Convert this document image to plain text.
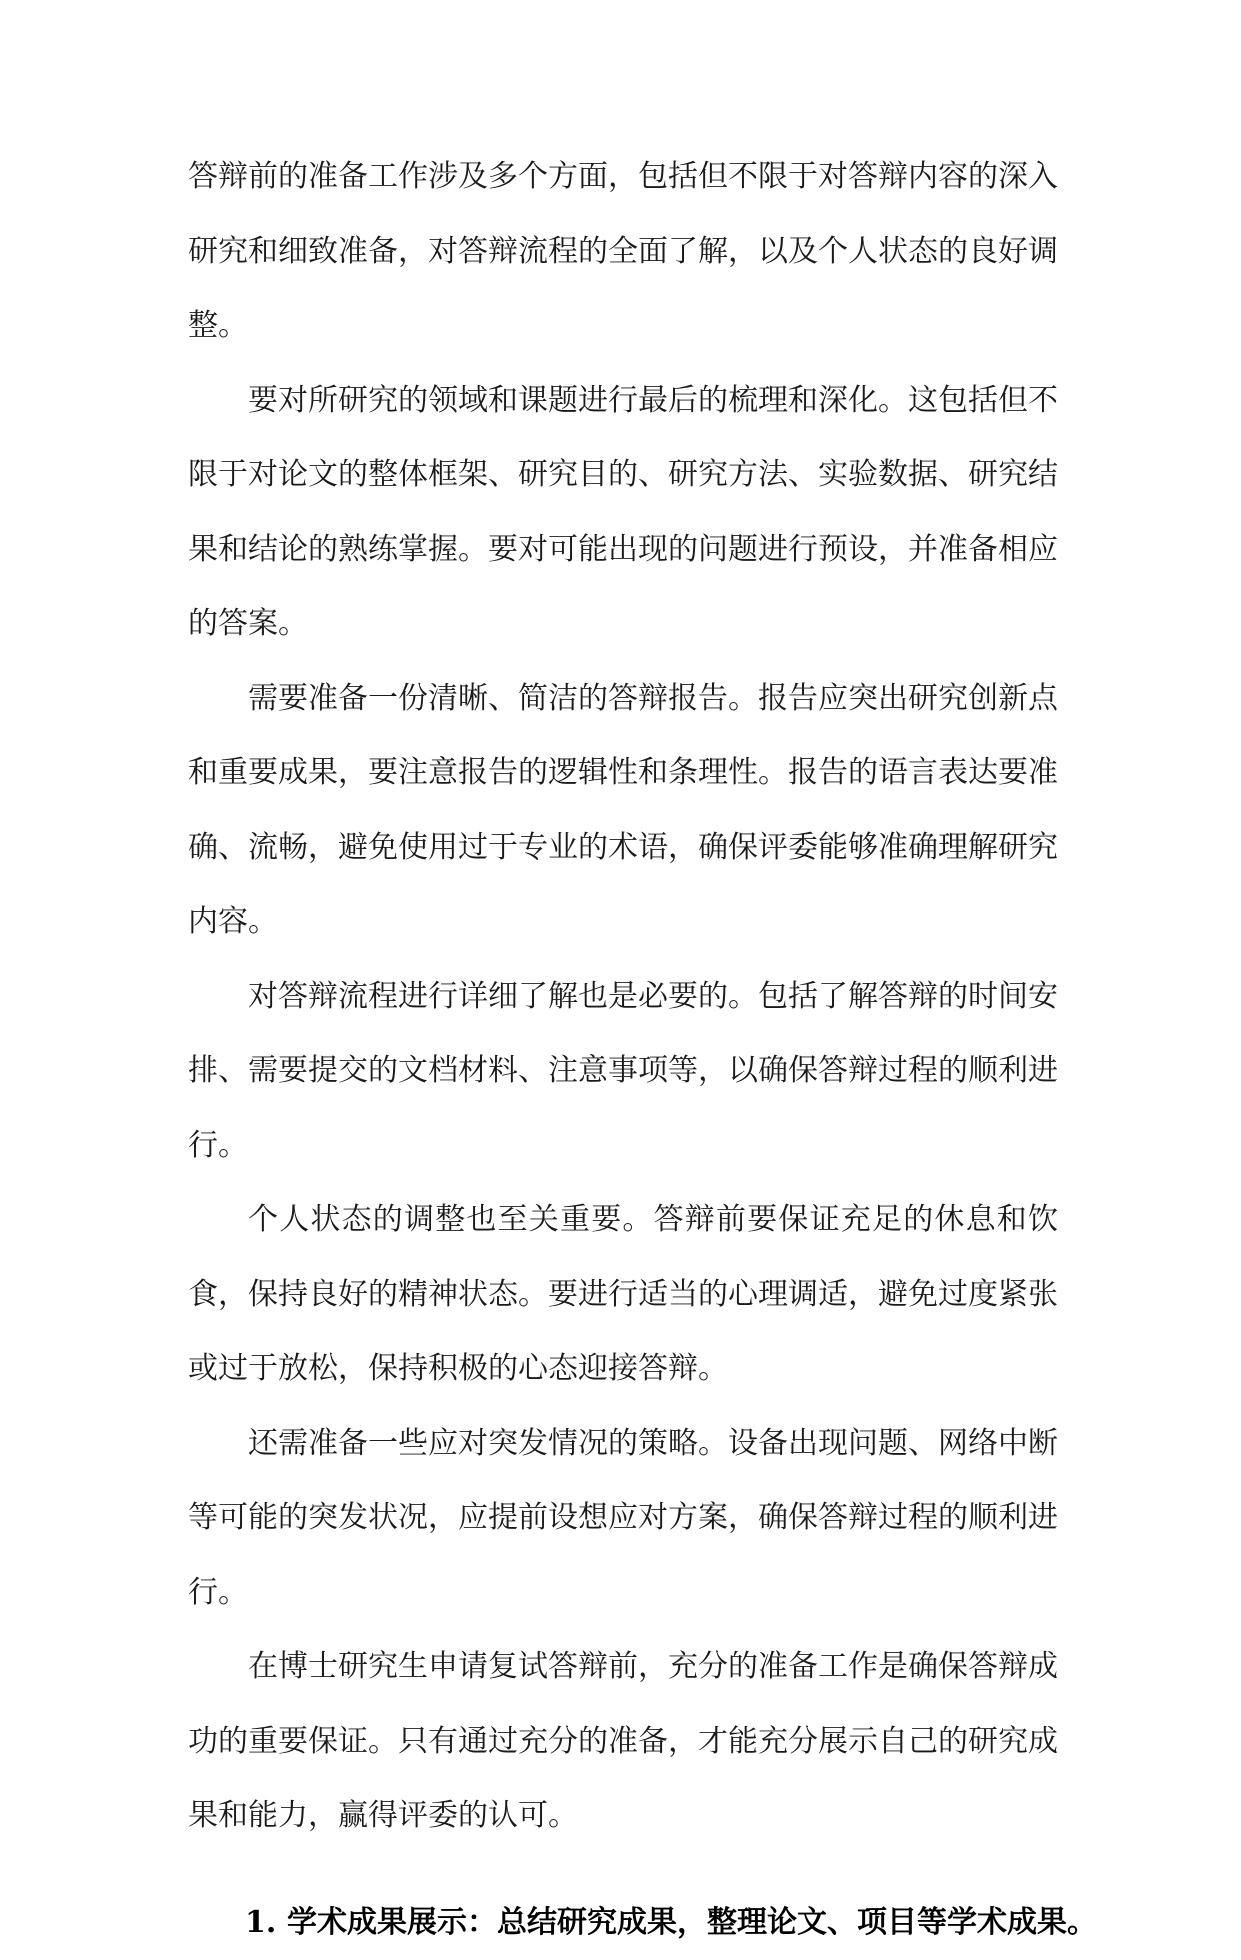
答辩前的准备工作涉及多个方面，包括但不限于对答辩内容的深入研究和细致准备，对答辩流程的全面了解，以及个人状态的良好调整。

要对所研究的领域和课题进行最后的梳理和深化。这包括但不限于对论文的整体框架、研究目的、研究方法、实验数据、研究结果和结论的熟练掌握。要对可能出现的问题进行预设，并准备相应的答案。

需要准备一份清晰、简洁的答辩报告。报告应突出研究创新点和重要成果，要注意报告的逻辑性和条理性。报告的语言表达要准确、流畅，避免使用过于专业的术语，确保评委能够准确理解研究内容。

对答辩流程进行详细了解也是必要的。包括了解答辩的时间安排、需要提交的文档材料、注意事项等，以确保答辩过程的顺利进行。

个人状态的调整也至关重要。答辩前要保证充足的休息和饮食，保持良好的精神状态。要进行适当的心理调适，避免过度紧张或过于放松，保持积极的心态迎接答辩。

还需准备一些应对突发情况的策略。设备出现问题、网络中断等可能的突发状况，应提前设想应对方案，确保答辩过程的顺利进行。

在博士研究生申请复试答辩前，充分的准备工作是确保答辩成功的重要保证。只有通过充分的准备，才能充分展示自己的研究成果和能力，赢得评委的认可。

1. 学术成果展示：总结研究成果，整理论文、项目等学术成果。
